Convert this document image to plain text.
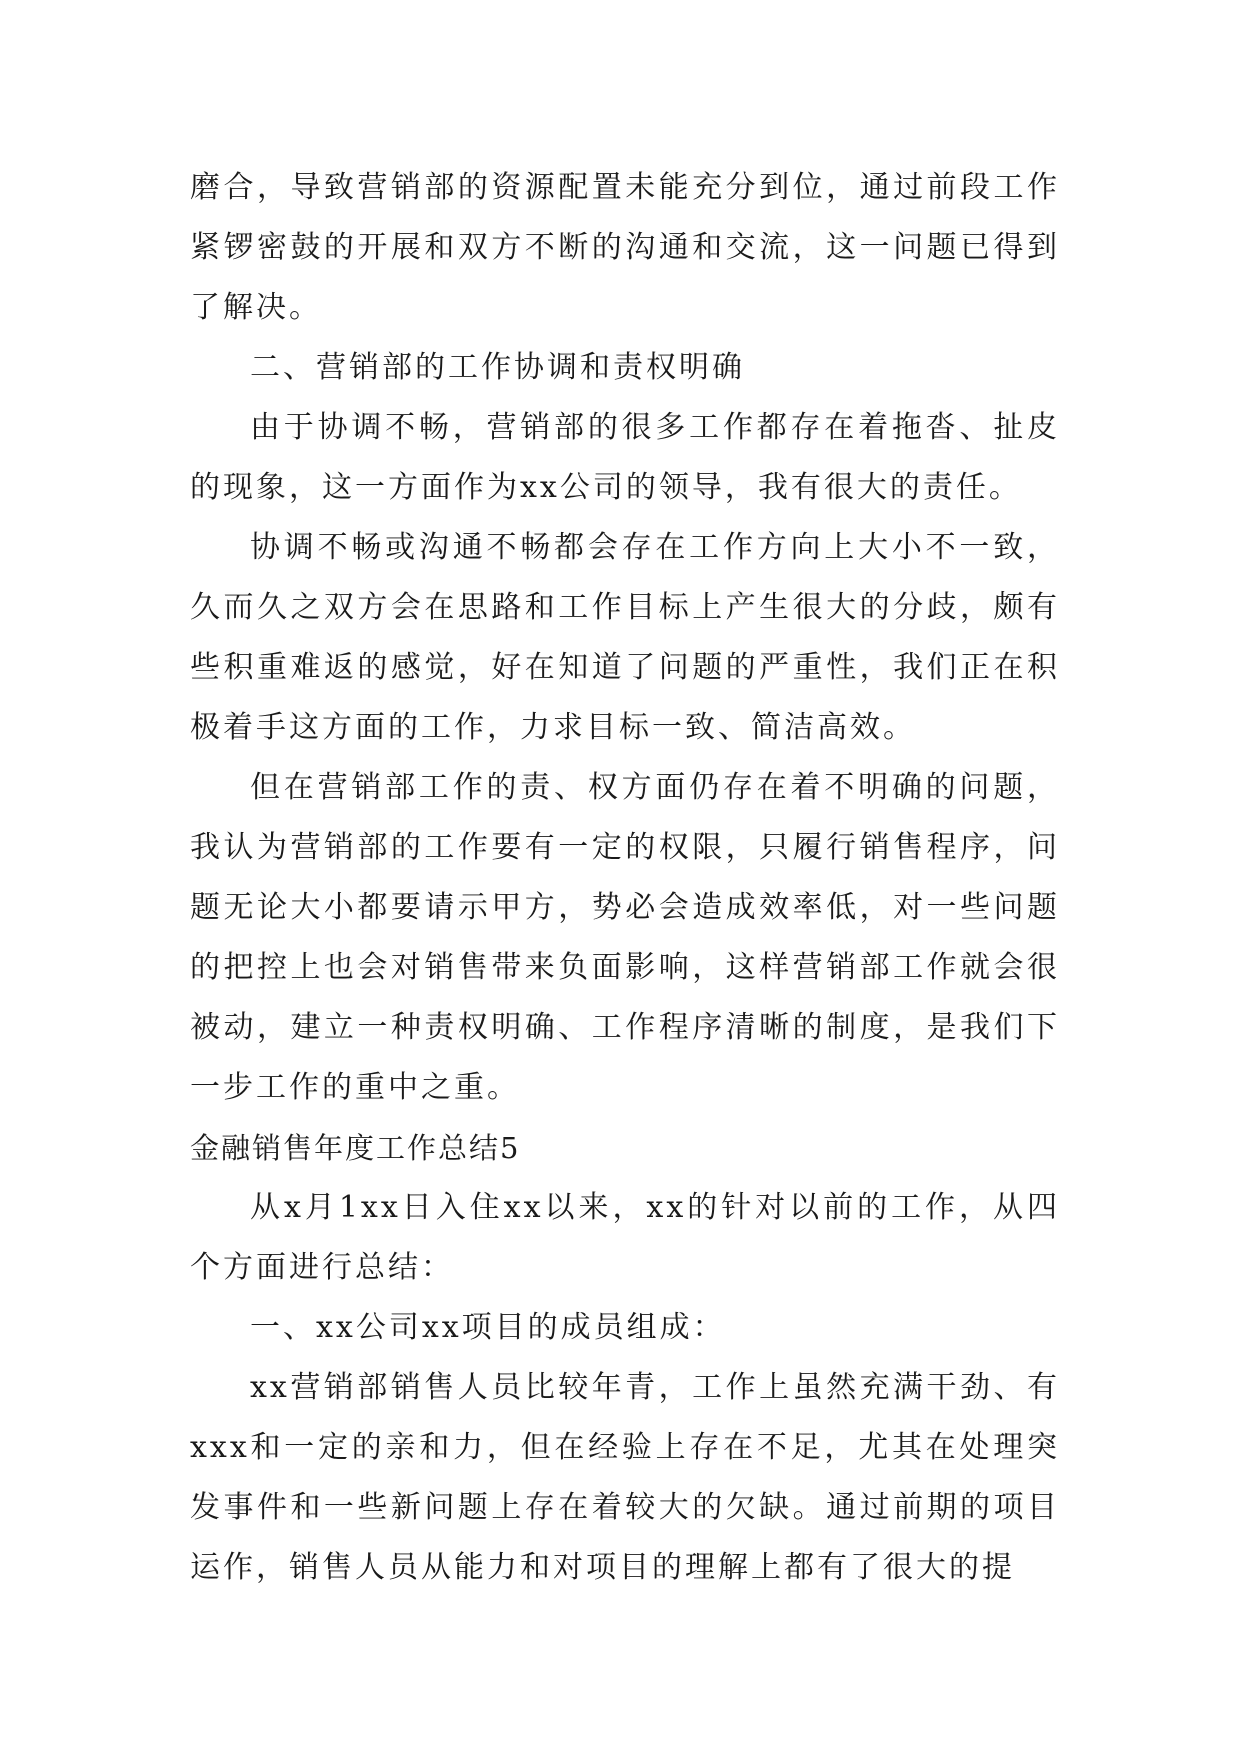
磨合，导致营销部的资源配置未能充分到位，通过前段工作紧锣密鼓的开展和双方不断的沟通和交流，这一问题已得到了解决。

二、营销部的工作协调和责权明确

由于协调不畅，营销部的很多工作都存在着拖沓、扯皮的现象，这一方面作为xx公司的领导，我有很大的责任。

协调不畅或沟通不畅都会存在工作方向上大小不一致，久而久之双方会在思路和工作目标上产生很大的分歧，颇有些积重难返的感觉，好在知道了问题的严重性，我们正在积极着手这方面的工作，力求目标一致、简洁高效。

但在营销部工作的责、权方面仍存在着不明确的问题，我认为营销部的工作要有一定的权限，只履行销售程序，问题无论大小都要请示甲方，势必会造成效率低，对一些问题的把控上也会对销售带来负面影响，这样营销部工作就会很被动，建立一种责权明确、工作程序清晰的制度，是我们下一步工作的重中之重。

金融销售年度工作总结5

从x月1xx日入住xx以来，xx的针对以前的工作，从四个方面进行总结：

一、xx公司xx项目的成员组成：

xx营销部销售人员比较年青，工作上虽然充满干劲、有xxx和一定的亲和力，但在经验上存在不足，尤其在处理突发事件和一些新问题上存在着较大的欠缺。通过前期的项目运作，销售人员从能力和对项目的理解上都有了很大的提
